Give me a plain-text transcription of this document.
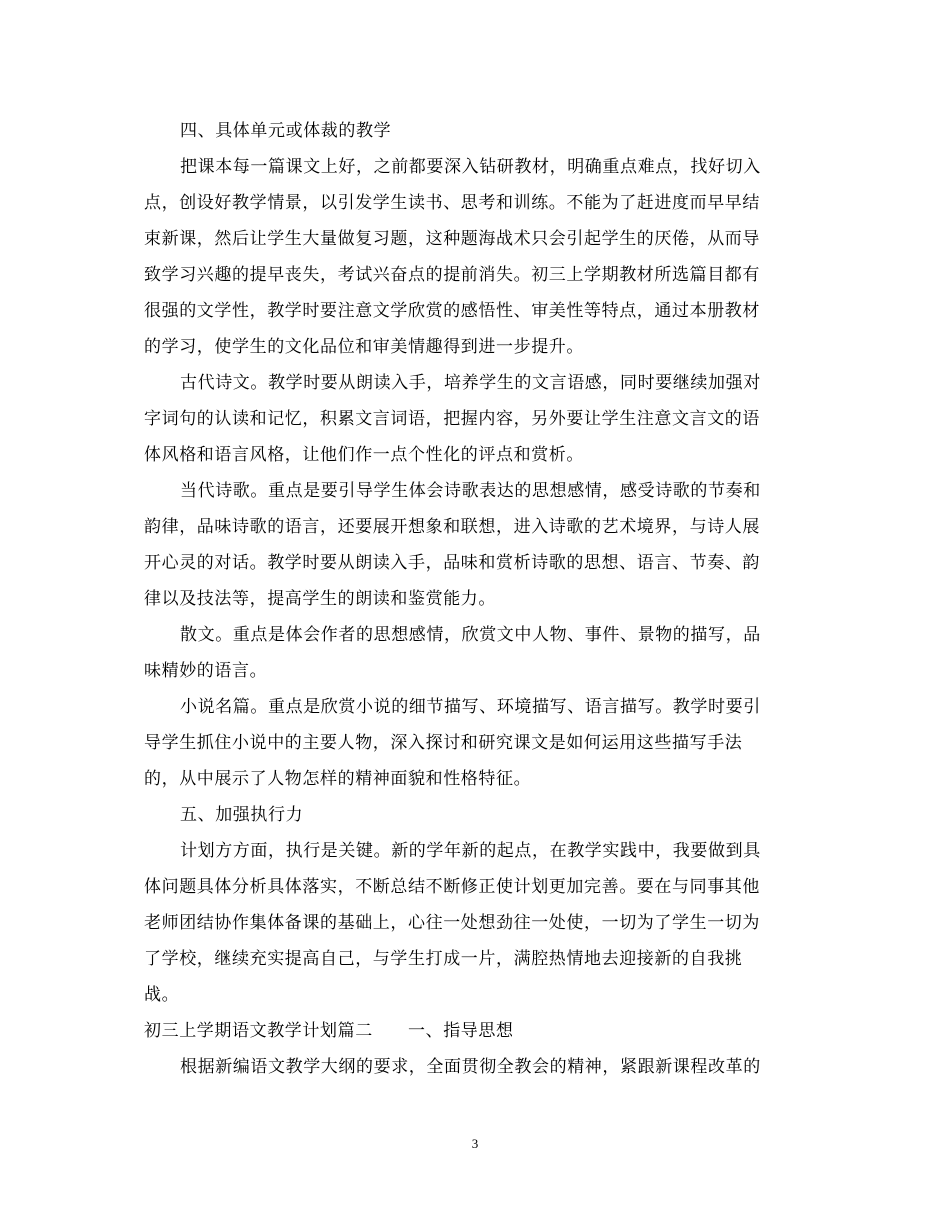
四、具体单元或体裁的教学
把课本每一篇课文上好，之前都要深入钻研教材，明确重点难点，找好切入
点，创设好教学情景，以引发学生读书、思考和训练。不能为了赶进度而早早结
束新课，然后让学生大量做复习题，这种题海战术只会引起学生的厌倦，从而导
致学习兴趣的提早丧失，考试兴奋点的提前消失。初三上学期教材所选篇目都有
很强的文学性，教学时要注意文学欣赏的感悟性、审美性等特点，通过本册教材
的学习，使学生的文化品位和审美情趣得到进一步提升。
古代诗文。教学时要从朗读入手，培养学生的文言语感，同时要继续加强对
字词句的认读和记忆，积累文言词语，把握内容，另外要让学生注意文言文的语
体风格和语言风格，让他们作一点个性化的评点和赏析。
当代诗歌。重点是要引导学生体会诗歌表达的思想感情，感受诗歌的节奏和
韵律，品味诗歌的语言，还要展开想象和联想，进入诗歌的艺术境界，与诗人展
开心灵的对话。教学时要从朗读入手，品味和赏析诗歌的思想、语言、节奏、韵
律以及技法等，提高学生的朗读和鉴赏能力。
散文。重点是体会作者的思想感情，欣赏文中人物、事件、景物的描写，品
味精妙的语言。
小说名篇。重点是欣赏小说的细节描写、环境描写、语言描写。教学时要引
导学生抓住小说中的主要人物，深入探讨和研究课文是如何运用这些描写手法
的，从中展示了人物怎样的精神面貌和性格特征。
五、加强执行力
计划方方面，执行是关键。新的学年新的起点，在教学实践中，我要做到具
体问题具体分析具体落实，不断总结不断修正使计划更加完善。要在与同事其他
老师团结协作集体备课的基础上，心往一处想劲往一处使，一切为了学生一切为
了学校，继续充实提高自己，与学生打成一片，满腔热情地去迎接新的自我挑
战。
初三上学期语文教学计划篇二　　一、指导思想
根据新编语文教学大纲的要求，全面贯彻全教会的精神，紧跟新课程改革的
3
